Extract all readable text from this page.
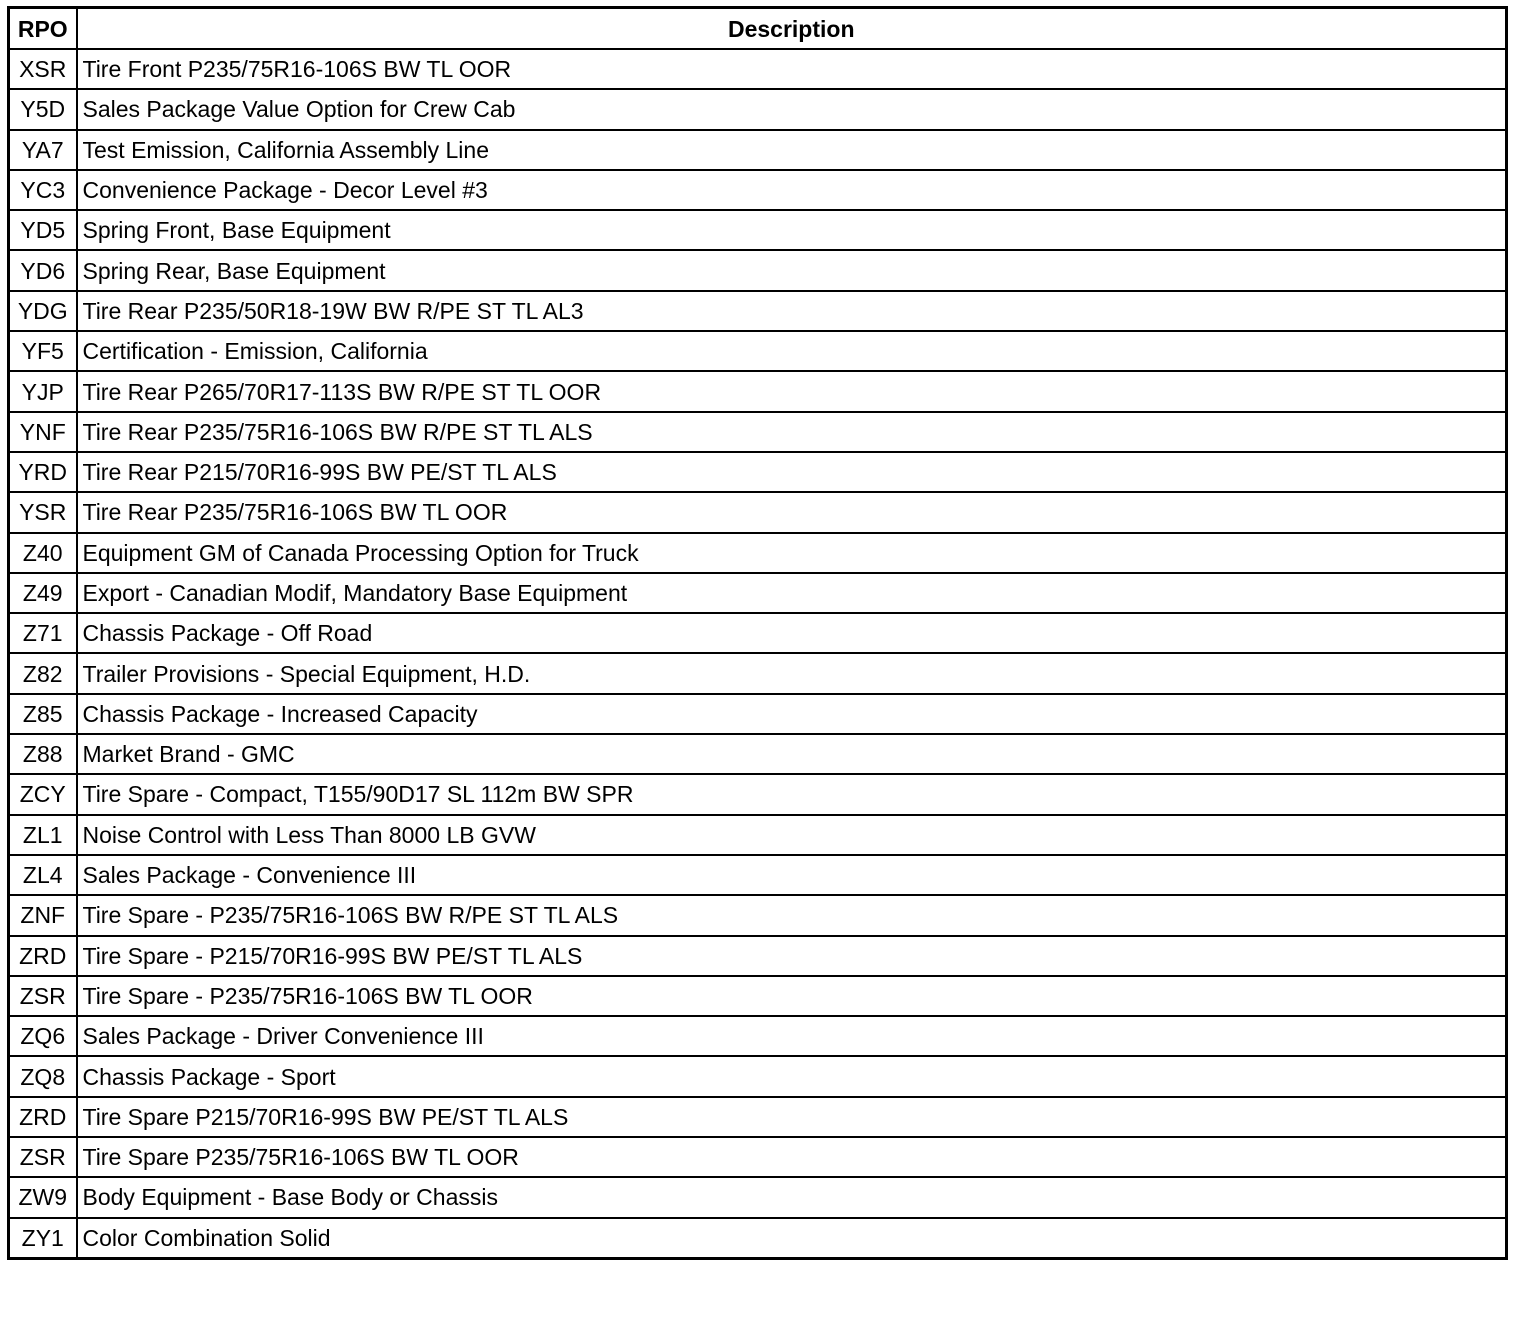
RPO	Description
XSR	Tire Front P235/75R16-106S BW TL OOR
Y5D	Sales Package Value Option for Crew Cab
YA7	Test Emission, California Assembly Line
YC3	Convenience Package - Decor Level #3
YD5	Spring Front, Base Equipment
YD6	Spring Rear, Base Equipment
YDG	Tire Rear P235/50R18-19W BW R/PE ST TL AL3
YF5	Certification - Emission, California
YJP	Tire Rear P265/70R17-113S BW R/PE ST TL OOR
YNF	Tire Rear P235/75R16-106S BW R/PE ST TL ALS
YRD	Tire Rear P215/70R16-99S BW PE/ST TL ALS
YSR	Tire Rear P235/75R16-106S BW TL OOR
Z40	Equipment GM of Canada Processing Option for Truck
Z49	Export - Canadian Modif, Mandatory Base Equipment
Z71	Chassis Package - Off Road
Z82	Trailer Provisions - Special Equipment, H.D.
Z85	Chassis Package - Increased Capacity
Z88	Market Brand - GMC
ZCY	Tire Spare - Compact, T155/90D17 SL 112m BW SPR
ZL1	Noise Control with Less Than 8000 LB GVW
ZL4	Sales Package - Convenience III
ZNF	Tire Spare - P235/75R16-106S BW R/PE ST TL ALS
ZRD	Tire Spare - P215/70R16-99S BW PE/ST TL ALS
ZSR	Tire Spare - P235/75R16-106S BW TL OOR
ZQ6	Sales Package - Driver Convenience III
ZQ8	Chassis Package - Sport
ZRD	Tire Spare P215/70R16-99S BW PE/ST TL ALS
ZSR	Tire Spare P235/75R16-106S BW TL OOR
ZW9	Body Equipment - Base Body or Chassis
ZY1	Color Combination Solid
